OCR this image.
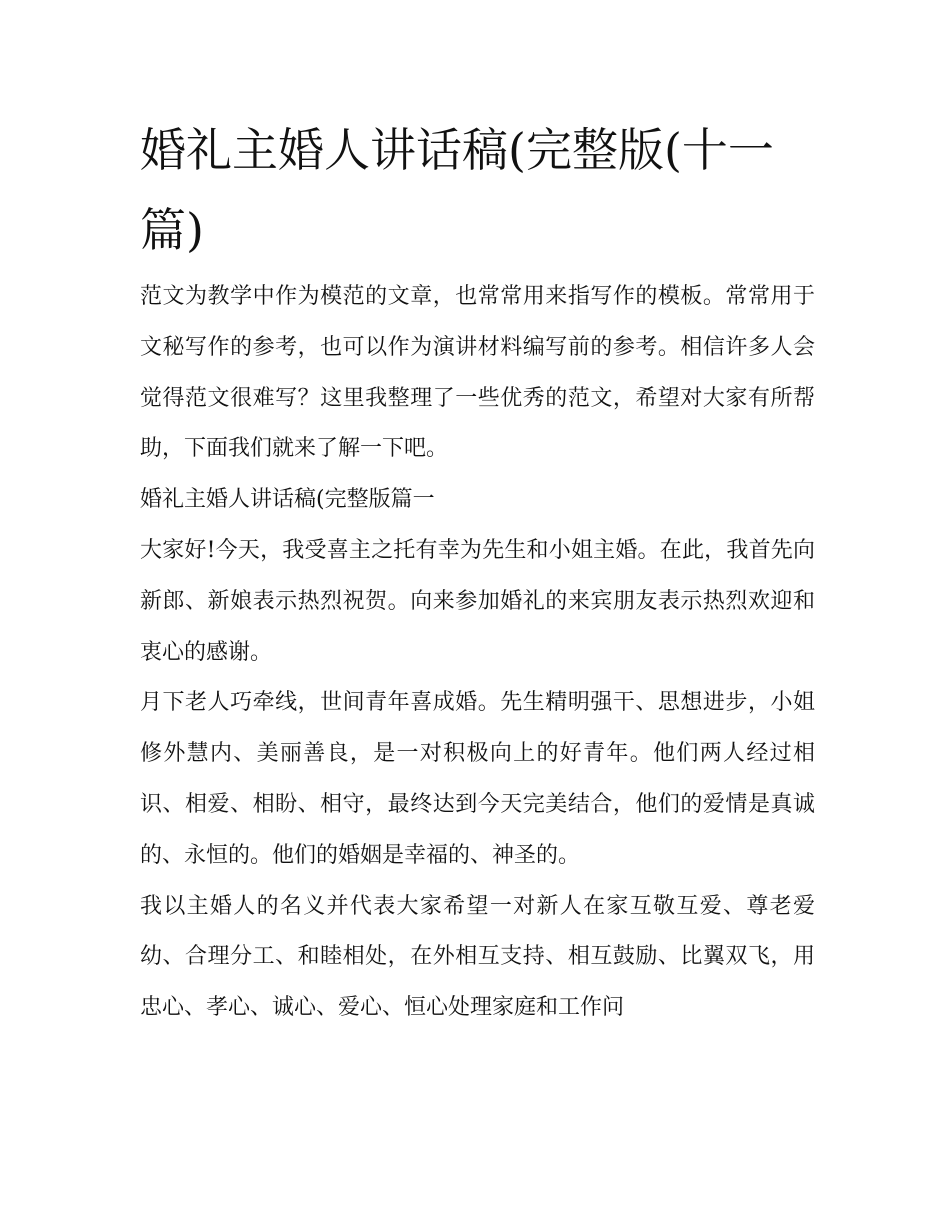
婚礼主婚人讲话稿(完整版(十一篇)

范文为教学中作为模范的文章，也常常用来指写作的模板。常常用于文秘写作的参考，也可以作为演讲材料编写前的参考。相信许多人会觉得范文很难写？这里我整理了一些优秀的范文，希望对大家有所帮助，下面我们就来了解一下吧。

婚礼主婚人讲话稿(完整版篇一

大家好!今天，我受喜主之托有幸为先生和小姐主婚。在此，我首先向新郎、新娘表示热烈祝贺。向来参加婚礼的来宾朋友表示热烈欢迎和衷心的感谢。

月下老人巧牵线，世间青年喜成婚。先生精明强干、思想进步，小姐修外慧内、美丽善良，是一对积极向上的好青年。他们两人经过相识、相爱、相盼、相守，最终达到今天完美结合，他们的爱情是真诚的、永恒的。他们的婚姻是幸福的、神圣的。

我以主婚人的名义并代表大家希望一对新人在家互敬互爱、尊老爱幼、合理分工、和睦相处，在外相互支持、相互鼓励、比翼双飞，用忠心、孝心、诚心、爱心、恒心处理家庭和工作问
